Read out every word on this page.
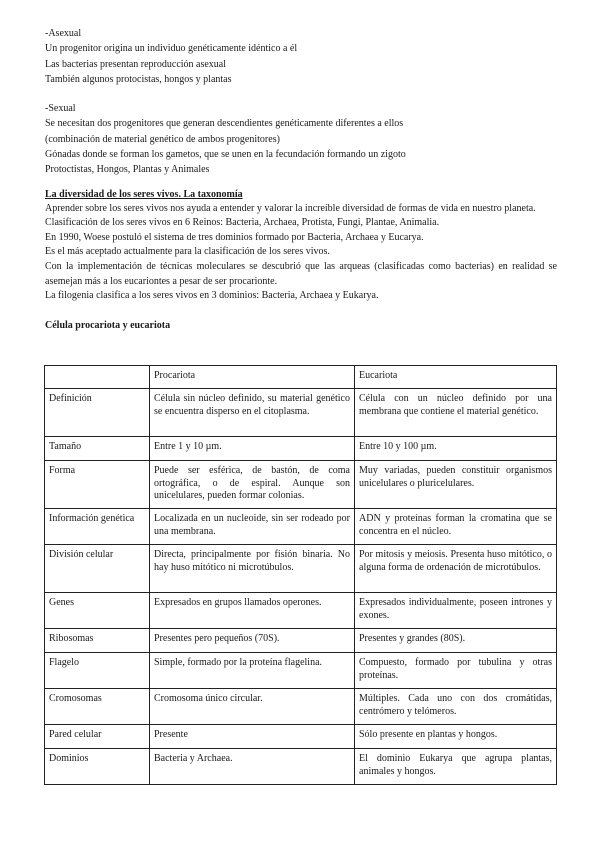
-Asexual
Un progenitor origina un individuo genéticamente idéntico a él
Las bacterias presentan reproducción asexual
También algunos protocistas, hongos y plantas
-Sexual
Se necesitan dos progenitores que generan descendientes genéticamente diferentes a ellos
(combinación de material genético de ambos progenitores)
Gónadas donde se forman los gametos, que se unen en la fecundación formando un zigoto
Protoctistas, Hongos, Plantas y Animales
La diversidad de los seres vivos. La taxonomía
Aprender sobre los seres vivos nos ayuda a entender y valorar la increíble diversidad de formas de vida en nuestro planeta.
Clasificación de los seres vivos en 6 Reinos: Bacteria, Archaea, Protista, Fungi, Plantae, Animalia.
En 1990, Woese postuló el sistema de tres dominios formado por Bacteria, Archaea y Eucarya.
Es el más aceptado actualmente para la clasificación de los seres vivos.
Con la implementación de técnicas moleculares se descubrió que las arqueas (clasificadas como bacterias) en realidad se asemejan más a los eucariontes a pesar de ser procarionte.
La filogenia clasifica a los seres vivos en 3 dominios: Bacteria, Archaea y Eukarya.
Célula procariota y eucariota
	Procariota	Eucariota
Definición	Célula sin núcleo definido, su material genético se encuentra disperso en el citoplasma.	Célula con un núcleo definido por una membrana que contiene el material genético.
Tamaño	Entre 1 y 10 µm.	Entre 10 y 100 µm.
Forma	Puede ser esférica, de bastón, de coma ortográfica, o de espiral. Aunque son unicelulares, pueden formar colonias.	Muy variadas, pueden constituir organismos unicelulares o pluricelulares.
Información genética	Localizada en un nucleoide, sin ser rodeado por una membrana.	ADN y proteínas forman la cromatina que se concentra en el núcleo.
División celular	Directa, principalmente por fisión binaria. No hay huso mitótico ni microtúbulos.	Por mitosis y meiosis. Presenta huso mitótico, o alguna forma de ordenación de microtúbulos.
Genes	Expresados en grupos llamados operones.	Expresados individualmente, poseen intrones y exones.
Ribosomas	Presentes pero pequeños (70S).	Presentes y grandes (80S).
Flagelo	Simple, formado por la proteína flagelina.	Compuesto, formado por tubulina y otras proteínas.
Cromosomas	Cromosoma único circular.	Múltiples. Cada uno con dos cromátidas, centrómero y telómeros.
Pared celular	Presente	Sólo presente en plantas y hongos.
Dominios	Bacteria y Archaea.	El dominio Eukarya que agrupa plantas, animales y hongos.
